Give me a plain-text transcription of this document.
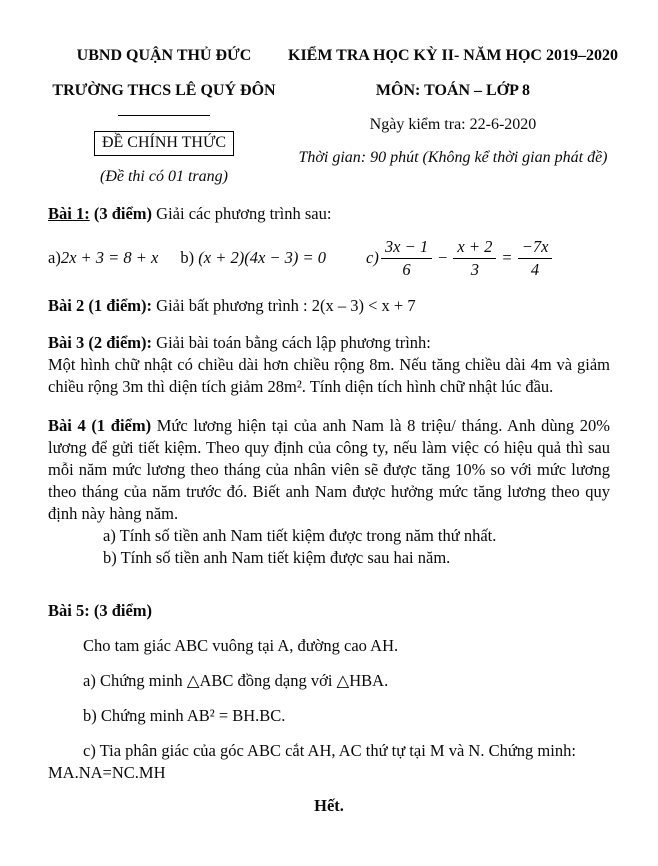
UBND QUẬN THỦ ĐỨC
TRƯỜNG THCS LÊ QUÝ ĐÔN
ĐỀ CHÍNH THỨC
(Đề thi có 01 trang)
KIỂM TRA HỌC KỲ II- NĂM HỌC 2019–2020
MÔN: TOÁN – LỚP 8
Ngày kiểm tra: 22-6-2020
Thời gian: 90 phút (Không kể thời gian phát đề)

Bài 1: (3 điểm) Giải các phương trình sau:

a) 2x + 3 = 8 + x b)
(x + 2)(4x − 3) = 0 $c) \frac{3x - 1}{6} - \frac{x + 2}{3} = \frac{-7x}{4}$

Bài 2 (1 điểm): Giải bất phương trình : 2(x – 3) < x + 7

Bài 3 (2 điểm): Giải bài toán bằng cách lập phương trình:

Một hình chữ nhật có chiều dài hơn chiều rộng 8m. Nếu tăng chiều dài 4m và giảm chiều rộng 3m thì diện tích giảm 28m². Tính diện tích hình chữ nhật lúc đầu.

Bài 4 (1 điểm) Mức lương hiện tại của anh Nam là 8 triệu/ tháng. Anh dùng 20% lương để gửi tiết kiệm. Theo quy định của công ty, nếu làm việc có hiệu quả thì sau mỗi năm mức lương theo tháng của nhân viên sẽ được tăng 10% so với mức lương theo tháng của năm trước đó. Biết anh Nam được hưởng mức tăng lương theo quy định này hàng năm.

a) Tính số tiền anh Nam tiết kiệm được trong năm thứ nhất.

b) Tính số tiền anh Nam tiết kiệm được sau hai năm.

Bài 5: (3 điểm)

Cho tam giác ABC vuông tại A, đường cao AH.

a) Chứng minh △ABC đồng dạng với △HBA.

b) Chứng minh AB² = BH.BC.

c) Tia phân giác của góc ABC cắt AH, AC thứ tự tại M và N. Chứng minh:

MA.NA=NC.MH

Hết.
